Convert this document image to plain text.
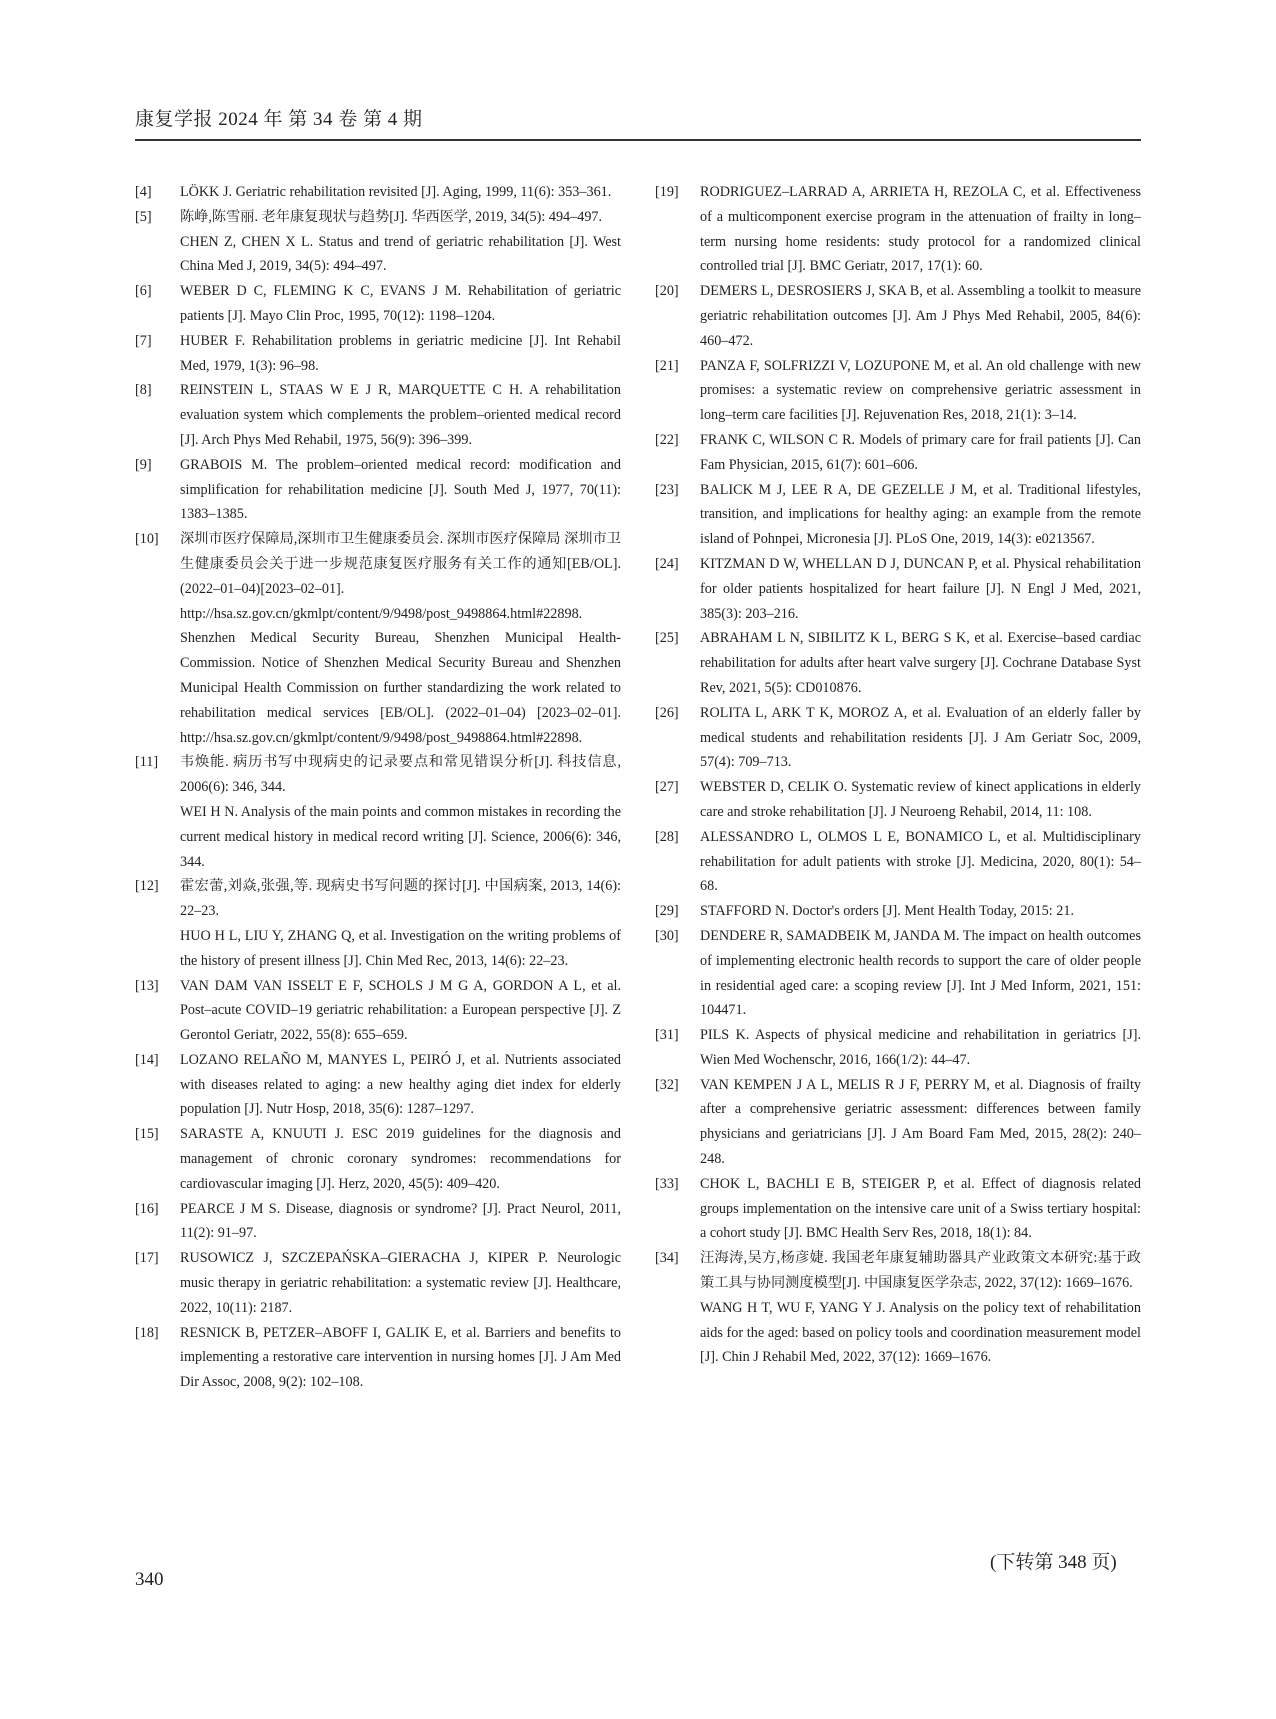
康复学报 2024 年 第 34 卷 第 4 期
[4]	LÖKK J. Geriatric rehabilitation revisited [J]. Aging, 1999, 11(6): 353–361.
[5]	陈峥,陈雪丽. 老年康复现状与趋势[J]. 华西医学, 2019, 34(5): 494–497.
CHEN Z, CHEN X L. Status and trend of geriatric rehabilitation [J]. West China Med J, 2019, 34(5): 494–497.
[6]	WEBER D C, FLEMING K C, EVANS J M. Rehabilitation of geriatric patients [J]. Mayo Clin Proc, 1995, 70(12): 1198–1204.
[7]	HUBER F. Rehabilitation problems in geriatric medicine [J]. Int Rehabil Med, 1979, 1(3): 96–98.
[8]	REINSTEIN L, STAAS W E J R, MARQUETTE C H. A rehabilitation evaluation system which complements the problem–oriented medical record [J]. Arch Phys Med Rehabil, 1975, 56(9): 396–399.
[9]	GRABOIS M. The problem–oriented medical record: modification and simplification for rehabilitation medicine [J]. South Med J, 1977, 70(11): 1383–1385.
[10]	深圳市医疗保障局,深圳市卫生健康委员会. 深圳市医疗保障局 深圳市卫生健康委员会关于进一步规范康复医疗服务有关工作的通知[EB/OL]. (2022–01–04)[2023–02–01]. http://hsa.sz.gov.cn/gkmlpt/content/9/9498/post_9498864.html#22898.
Shenzhen Medical Security Bureau, Shenzhen Municipal Health-Commission. Notice of Shenzhen Medical Security Bureau and Shenzhen Municipal Health Commission on further standardizing the work related to rehabilitation medical services [EB/OL]. (2022–01–04) [2023–02–01]. http://hsa.sz.gov.cn/gkmlpt/content/9/9498/post_9498864.html#22898.
[11]	韦焕能. 病历书写中现病史的记录要点和常见错误分析[J]. 科技信息, 2006(6): 346, 344.
WEI H N. Analysis of the main points and common mistakes in recording the current medical history in medical record writing [J]. Science, 2006(6): 346, 344.
[12]	霍宏蕾,刘焱,张强,等. 现病史书写问题的探讨[J]. 中国病案, 2013, 14(6): 22–23.
HUO H L, LIU Y, ZHANG Q, et al. Investigation on the writing problems of the history of present illness [J]. Chin Med Rec, 2013, 14(6): 22–23.
[13]	VAN DAM VAN ISSELT E F, SCHOLS J M G A, GORDON A L, et al. Post–acute COVID–19 geriatric rehabilitation: a European perspective [J]. Z Gerontol Geriatr, 2022, 55(8): 655–659.
[14]	LOZANO RELAÑO M, MANYES L, PEIRÓ J, et al. Nutrients associated with diseases related to aging: a new healthy aging diet index for elderly population [J]. Nutr Hosp, 2018, 35(6): 1287–1297.
[15]	SARASTE A, KNUUTI J. ESC 2019 guidelines for the diagnosis and management of chronic coronary syndromes: recommendations for cardiovascular imaging [J]. Herz, 2020, 45(5): 409–420.
[16]	PEARCE J M S. Disease, diagnosis or syndrome? [J]. Pract Neurol, 2011, 11(2): 91–97.
[17]	RUSOWICZ J, SZCZEPAŃSKA–GIERACHA J, KIPER P. Neurologic music therapy in geriatric rehabilitation: a systematic review [J]. Healthcare, 2022, 10(11): 2187.
[18]	RESNICK B, PETZER–ABOFF I, GALIK E, et al. Barriers and benefits to implementing a restorative care intervention in nursing homes [J]. J Am Med Dir Assoc, 2008, 9(2): 102–108.
[19]	RODRIGUEZ–LARRAD A, ARRIETA H, REZOLA C, et al. Effectiveness of a multicomponent exercise program in the attenuation of frailty in long–term nursing home residents: study protocol for a randomized clinical controlled trial [J]. BMC Geriatr, 2017, 17(1): 60.
[20]	DEMERS L, DESROSIERS J, SKA B, et al. Assembling a toolkit to measure geriatric rehabilitation outcomes [J]. Am J Phys Med Rehabil, 2005, 84(6): 460–472.
[21]	PANZA F, SOLFRIZZI V, LOZUPONE M, et al. An old challenge with new promises: a systematic review on comprehensive geriatric assessment in long–term care facilities [J]. Rejuvenation Res, 2018, 21(1): 3–14.
[22]	FRANK C, WILSON C R. Models of primary care for frail patients [J]. Can Fam Physician, 2015, 61(7): 601–606.
[23]	BALICK M J, LEE R A, DE GEZELLE J M, et al. Traditional lifestyles, transition, and implications for healthy aging: an example from the remote island of Pohnpei, Micronesia [J]. PLoS One, 2019, 14(3): e0213567.
[24]	KITZMAN D W, WHELLAN D J, DUNCAN P, et al. Physical rehabilitation for older patients hospitalized for heart failure [J]. N Engl J Med, 2021, 385(3): 203–216.
[25]	ABRAHAM L N, SIBILITZ K L, BERG S K, et al. Exercise–based cardiac rehabilitation for adults after heart valve surgery [J]. Cochrane Database Syst Rev, 2021, 5(5): CD010876.
[26]	ROLITA L, ARK T K, MOROZ A, et al. Evaluation of an elderly faller by medical students and rehabilitation residents [J]. J Am Geriatr Soc, 2009, 57(4): 709–713.
[27]	WEBSTER D, CELIK O. Systematic review of kinect applications in elderly care and stroke rehabilitation [J]. J Neuroeng Rehabil, 2014, 11: 108.
[28]	ALESSANDRO L, OLMOS L E, BONAMICO L, et al. Multidisciplinary rehabilitation for adult patients with stroke [J]. Medicina, 2020, 80(1): 54–68.
[29]	STAFFORD N. Doctor's orders [J]. Ment Health Today, 2015: 21.
[30]	DENDERE R, SAMADBEIK M, JANDA M. The impact on health outcomes of implementing electronic health records to support the care of older people in residential aged care: a scoping review [J]. Int J Med Inform, 2021, 151: 104471.
[31]	PILS K. Aspects of physical medicine and rehabilitation in geriatrics [J]. Wien Med Wochenschr, 2016, 166(1/2): 44–47.
[32]	VAN KEMPEN J A L, MELIS R J F, PERRY M, et al. Diagnosis of frailty after a comprehensive geriatric assessment: differences between family physicians and geriatricians [J]. J Am Board Fam Med, 2015, 28(2): 240–248.
[33]	CHOK L, BACHLI E B, STEIGER P, et al. Effect of diagnosis related groups implementation on the intensive care unit of a Swiss tertiary hospital: a cohort study [J]. BMC Health Serv Res, 2018, 18(1): 84.
[34]	汪海涛,吴方,杨彦婕. 我国老年康复辅助器具产业政策文本研究:基于政策工具与协同测度模型[J]. 中国康复医学杂志, 2022, 37(12): 1669–1676.
WANG H T, WU F, YANG Y J. Analysis on the policy text of rehabilitation aids for the aged: based on policy tools and coordination measurement model [J]. Chin J Rehabil Med, 2022, 37(12): 1669–1676.
(下转第 348 页)
340
